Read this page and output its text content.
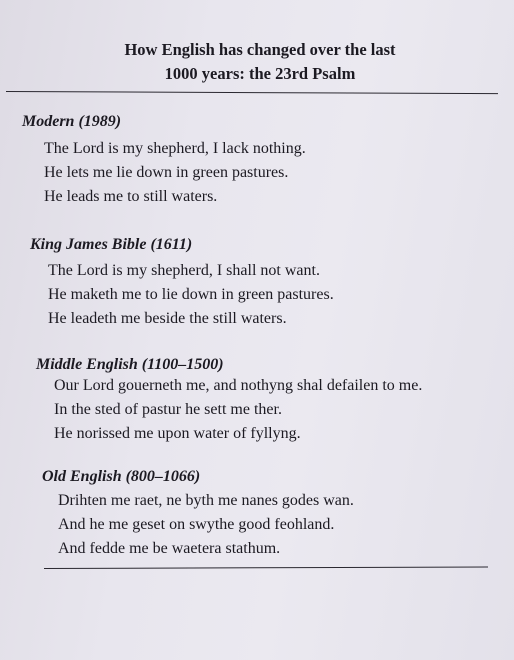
How English has changed over the last
1000 years: the 23rd Psalm
Modern (1989)
The Lord is my shepherd, I lack nothing.
He lets me lie down in green pastures.
He leads me to still waters.
King James Bible (1611)
The Lord is my shepherd, I shall not want.
He maketh me to lie down in green pastures.
He leadeth me beside the still waters.
Middle English (1100–1500)
Our Lord gouerneth me, and nothyng shal defailen to me.
In the sted of pastur he sett me ther.
He norissed me upon water of fyllyng.
Old English (800–1066)
Drihten me raet, ne byth me nanes godes wan.
And he me geset on swythe good feohland.
And fedde me be waetera stathum.
